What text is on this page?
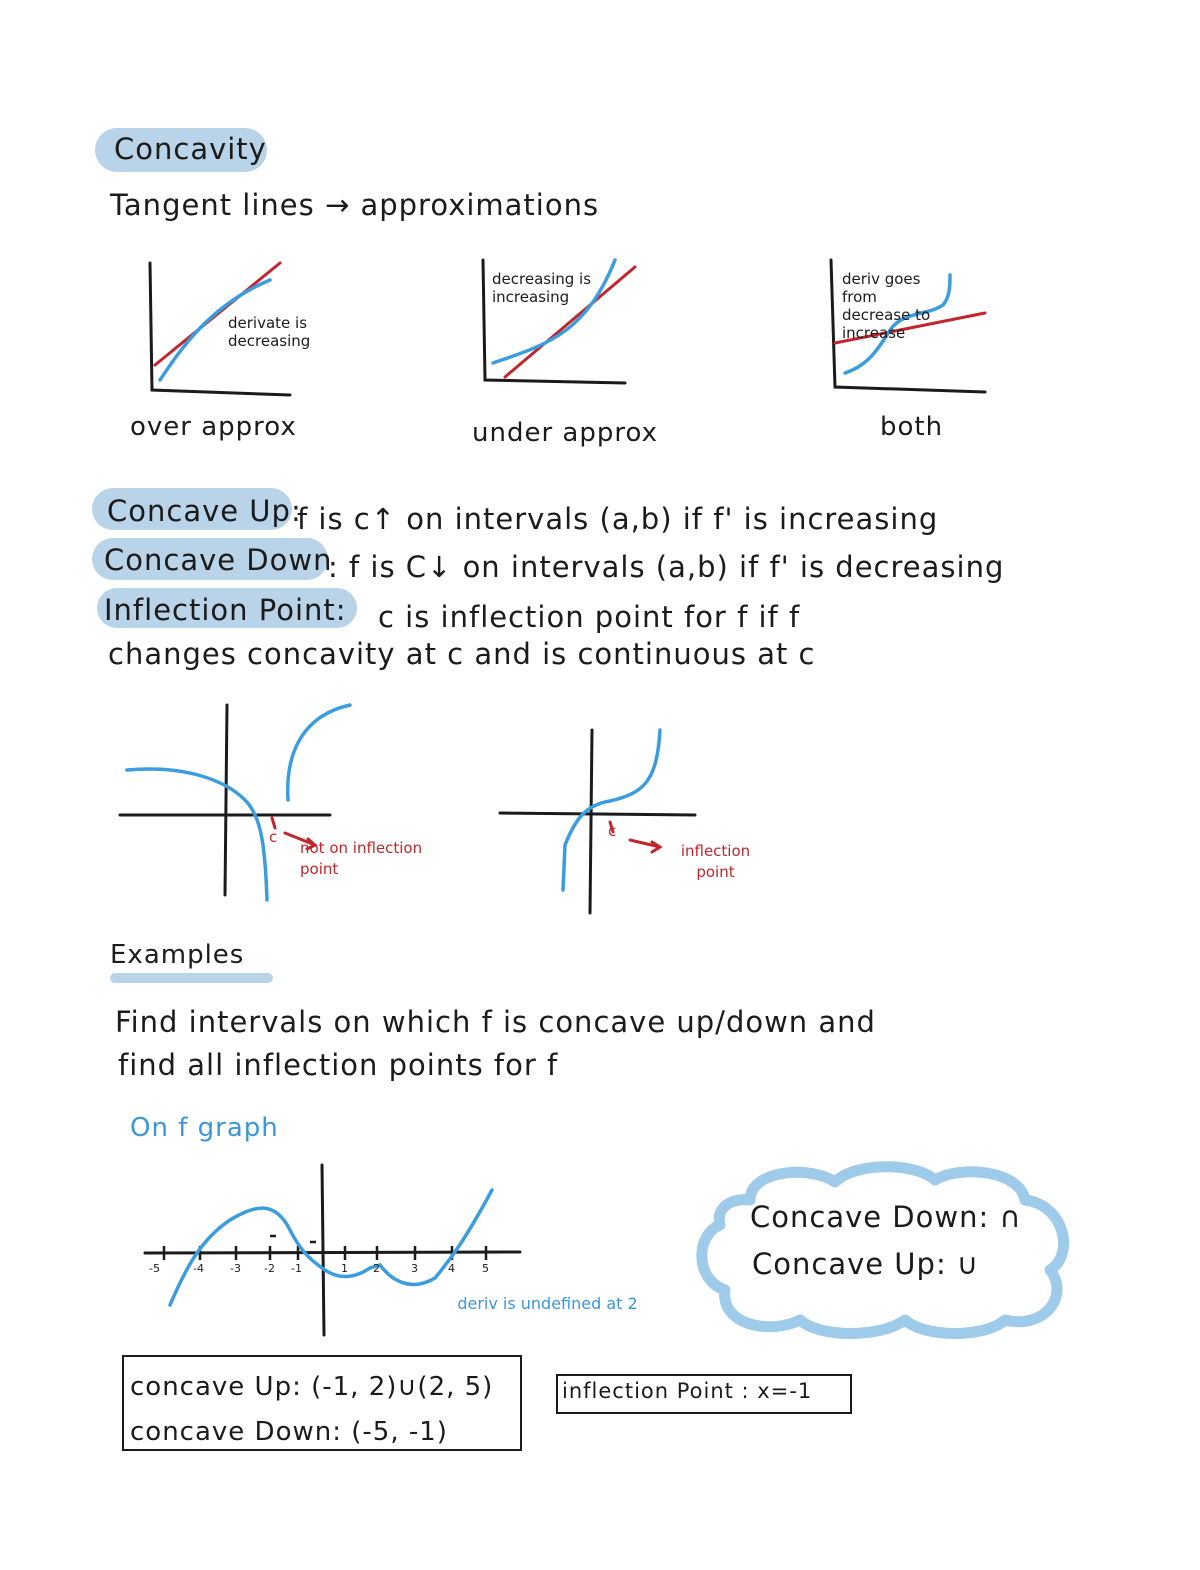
Concavity
Tangent lines → approximations
derivate is decreasing
over approx
decreasing is increasing
under approx
deriv goes from decrease to increase
both
Concave Up:
f is c↑ on intervals (a,b) if f' is increasing
Concave Down
: f is C↓ on intervals (a,b) if f' is decreasing
Inflection Point: c is inflection point for f if f
changes concavity at c and is continuous at c
c
not on inflection point
c
inflection point
Examples
Find intervals on which f is concave up/down and
find all inflection points for f
On f graph
-5	-4 -3 -2 -1	1 2	3	4 5
deriv is undefined at 2
Concave Down: ∩
Concave Up: ∪
concave Up: (-1, 2)∪(2, 5)
concave Down: (-5, -1)
inflection Point : x=-1
